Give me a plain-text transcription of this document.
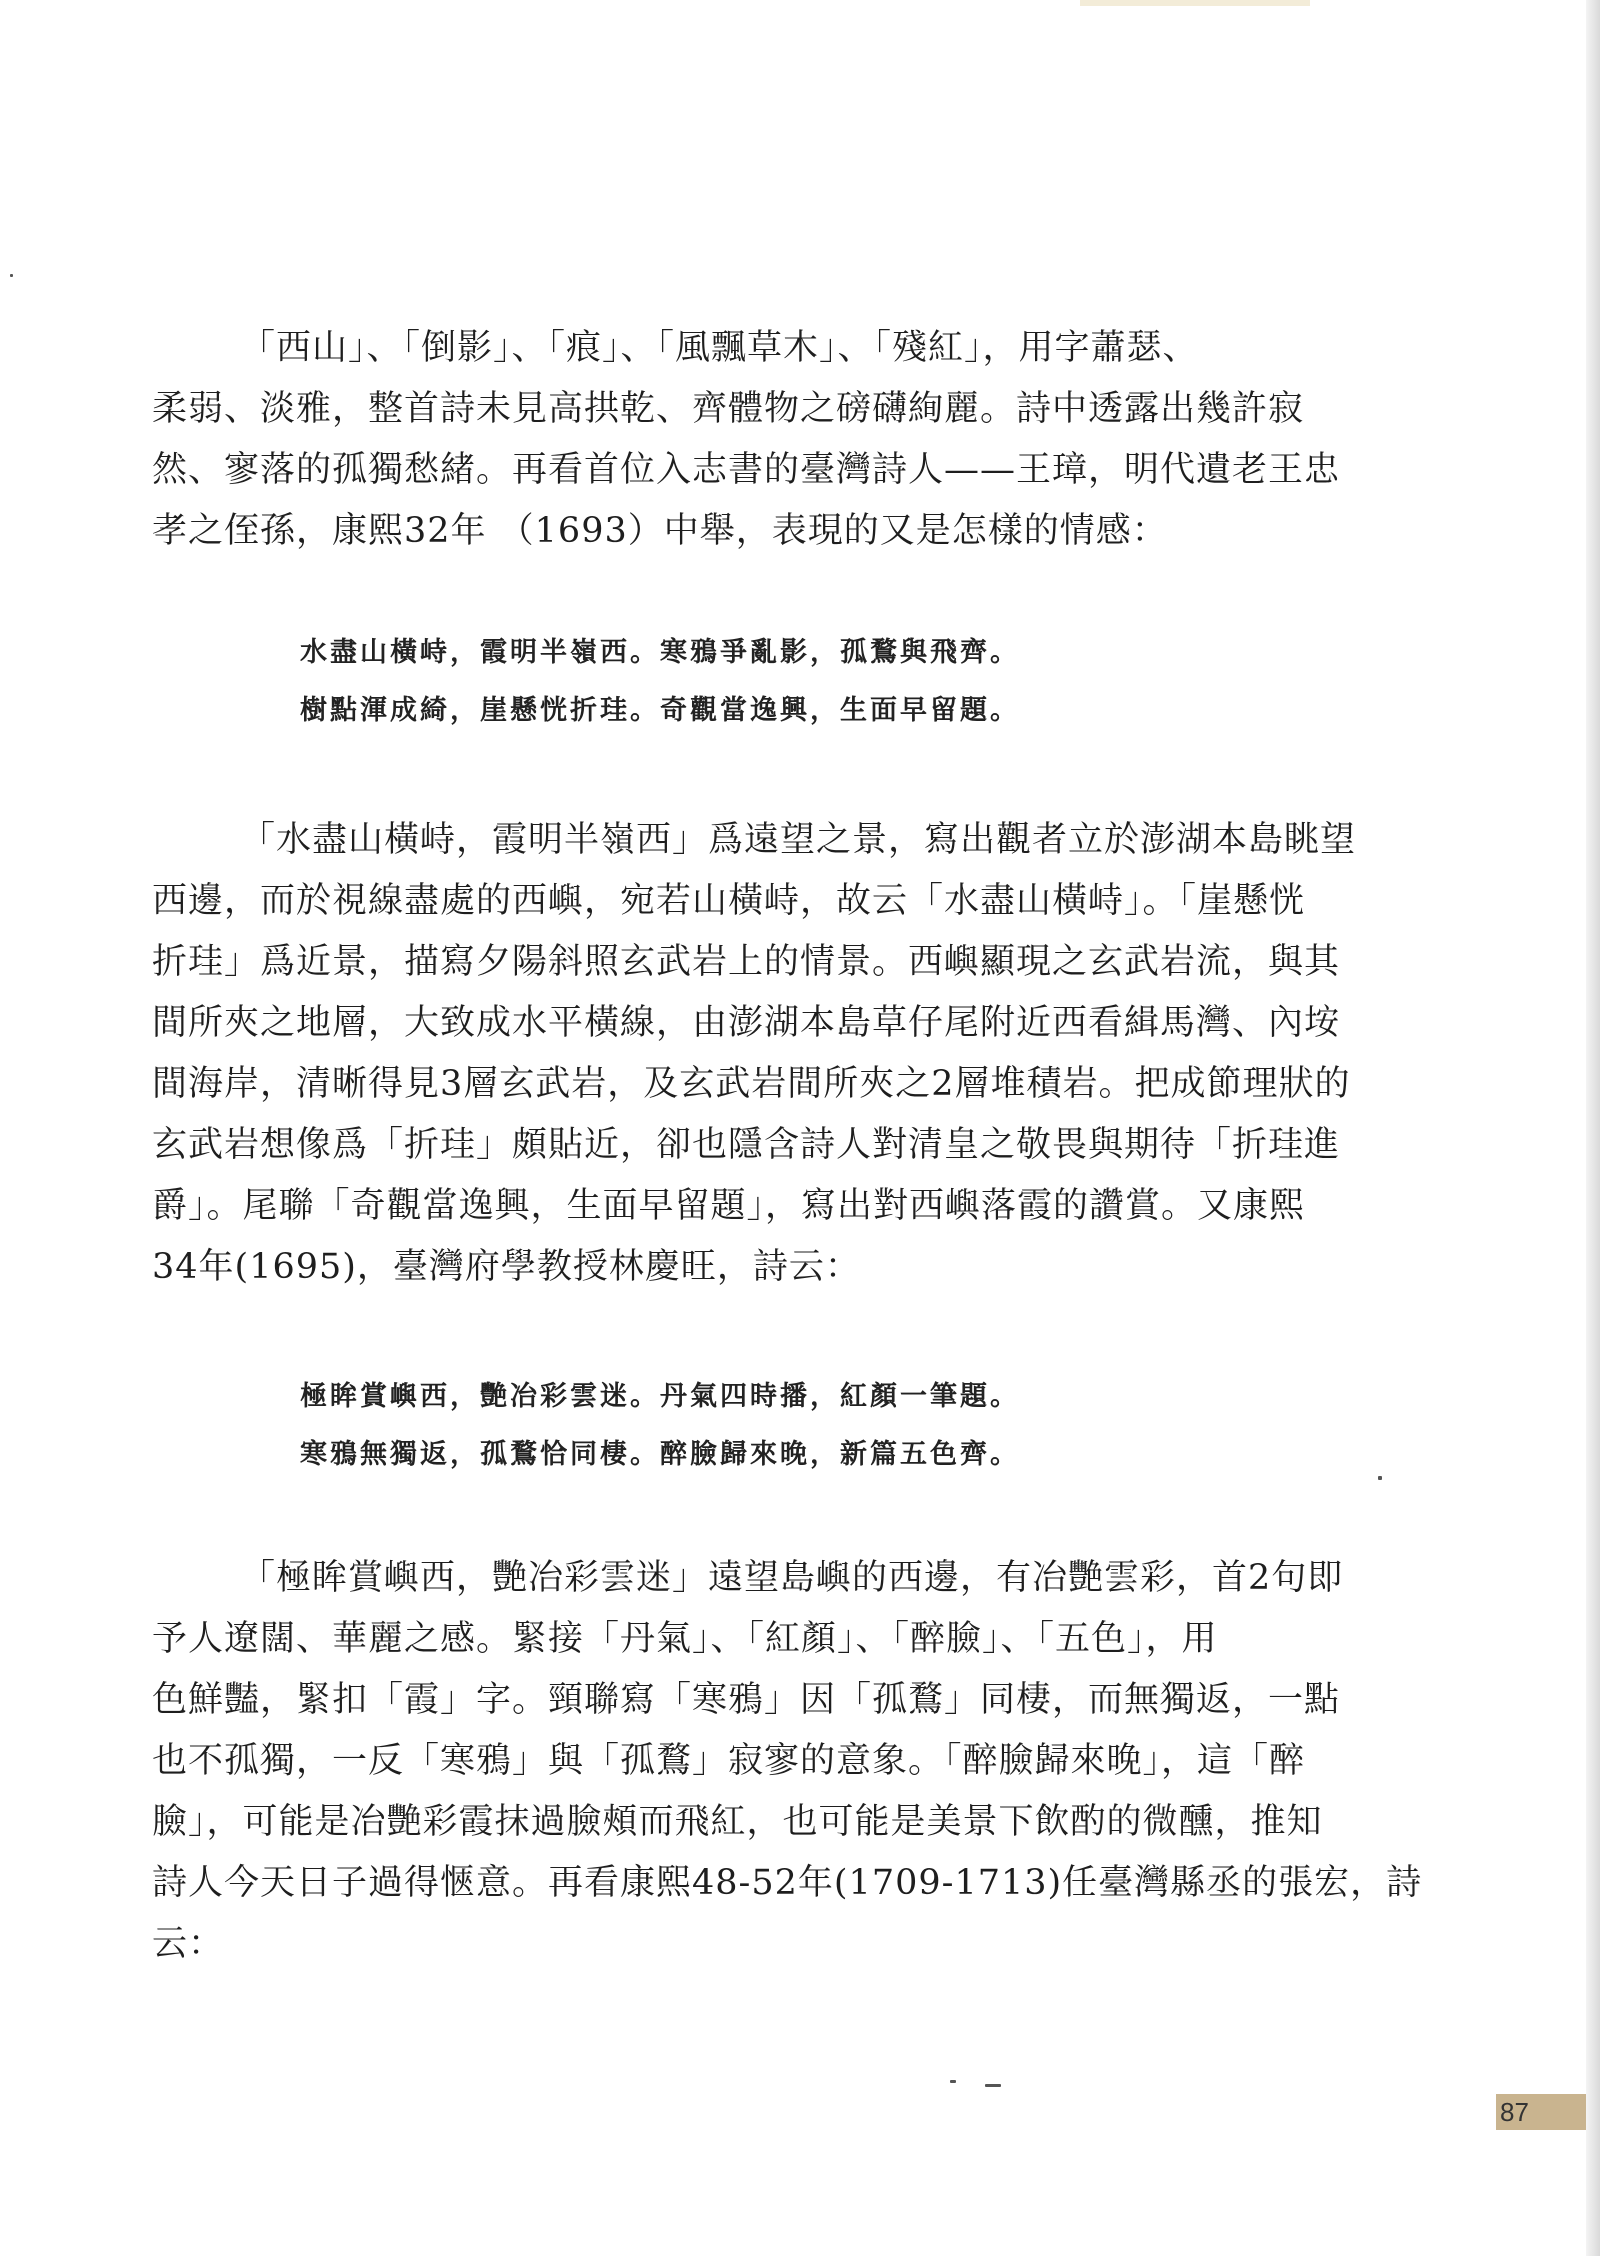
「西山」、「倒影」、「痕」、「風飄草木」、「殘紅」，用字蕭瑟、
柔弱、淡雅，整首詩未見高拱乾、齊體物之磅礴絢麗。詩中透露出幾許寂
然、寥落的孤獨愁緒。再看首位入志書的臺灣詩人——王璋，明代遺老王忠
孝之侄孫，康熙32年 （1693）中舉，表現的又是怎樣的情感：
水盡山橫峙，霞明半嶺西。寒鴉爭亂影，孤鶩與飛齊。
樹點渾成綺，崖懸恍折珪。奇觀當逸興，生面早留題。
「水盡山橫峙，霞明半嶺西」爲遠望之景，寫出觀者立於澎湖本島眺望
西邊，而於視線盡處的西嶼，宛若山橫峙，故云「水盡山橫峙」。「崖懸恍
折珪」爲近景，描寫夕陽斜照玄武岩上的情景。西嶼顯現之玄武岩流，與其
間所夾之地層，大致成水平橫線，由澎湖本島草仔尾附近西看緝馬灣、內垵
間海岸，清晰得見3層玄武岩，及玄武岩間所夾之2層堆積岩。把成節理狀的
玄武岩想像爲「折珪」頗貼近，卻也隱含詩人對清皇之敬畏與期待「折珪進
爵」。尾聯「奇觀當逸興，生面早留題」，寫出對西嶼落霞的讚賞。又康熙
34年(1695)，臺灣府學教授林慶旺，詩云：
極眸賞嶼西，艷冶彩雲迷。丹氣四時播，紅顏一筆題。
寒鴉無獨返，孤鶩恰同棲。醉臉歸來晚，新篇五色齊。
「極眸賞嶼西，艷冶彩雲迷」遠望島嶼的西邊，有冶艷雲彩，首2句即
予人遼闊、華麗之感。緊接「丹氣」、「紅顏」、「醉臉」、「五色」，用
色鮮豔，緊扣「霞」字。頸聯寫「寒鴉」因「孤鶩」同棲，而無獨返，一點
也不孤獨，一反「寒鴉」與「孤鶩」寂寥的意象。「醉臉歸來晚」，這「醉
臉」，可能是冶艷彩霞抹過臉頰而飛紅，也可能是美景下飲酌的微醺，推知
詩人今天日子過得愜意。再看康熙48-52年(1709-1713)任臺灣縣丞的張宏，詩
云：
87
